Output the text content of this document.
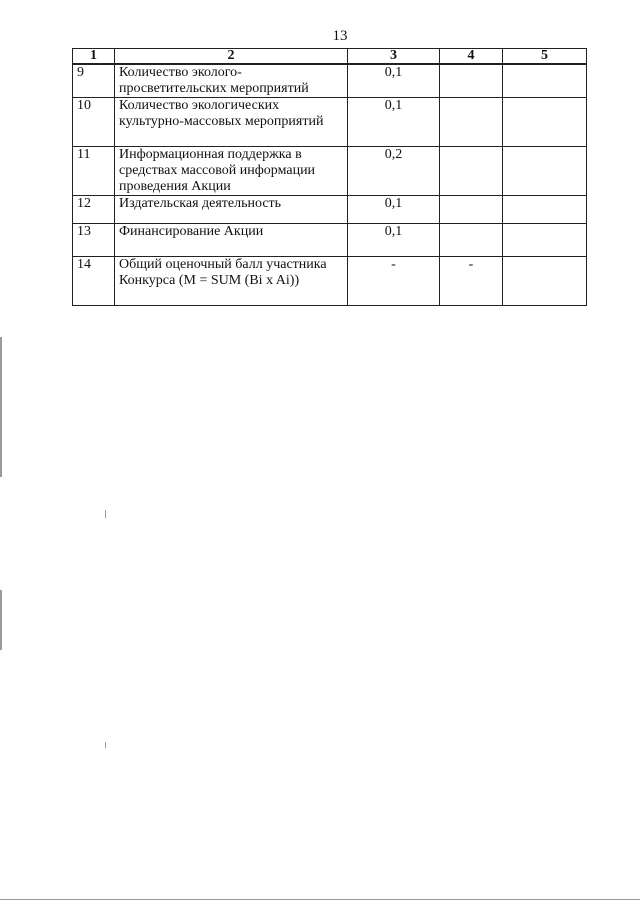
13
1	2	3	4	5
9	Количество эколого-просветительских мероприятий	0,1		
10	Количество экологических культурно-массовых мероприятий	0,1		
11	Информационная поддержка в средствах массовой информации проведения Акции	0,2		
12	Издательская деятельность	0,1		
13	Финансирование Акции	0,1		
14	Общий оценочный балл участника Конкурса (M = SUM (Bi x Ai))	-	-	
